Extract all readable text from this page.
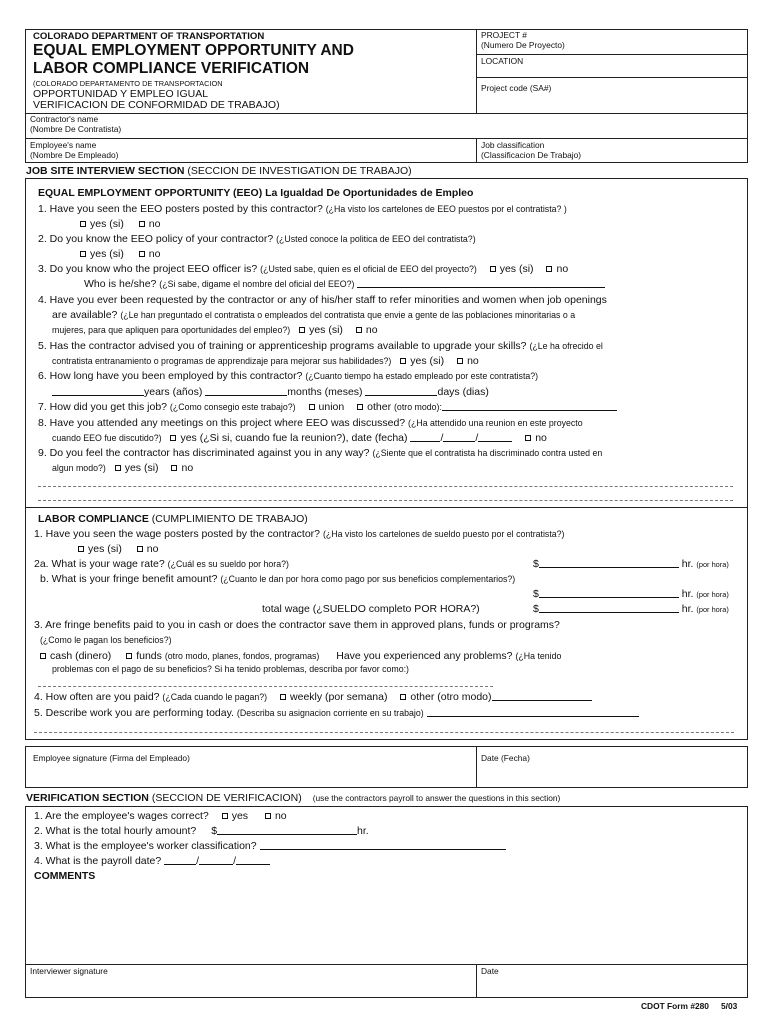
COLORADO DEPARTMENT OF TRANSPORTATION
EQUAL EMPLOYMENT OPPORTUNITY AND
LABOR COMPLIANCE VERIFICATION
(COLORADO DEPARTAMENTO DE TRANSPORTACION
OPPORTUNIDAD Y EMPLEO IGUAL
VERIFICACION DE CONFORMIDAD DE TRABAJO)
PROJECT #
(Numero De Proyecto)
LOCATION
Project code (SA#)
Contractor's name
(Nombre De Contratista)
Employee's name
(Nombre De Empleado)
Job classification
(Classificacion De Trabajo)
JOB SITE INTERVIEW SECTION (SECCION DE INVESTIGATION DE TRABAJO)
EQUAL EMPLOYMENT OPPORTUNITY (EEO) La Igualdad De Oportunidades de Empleo
1. Have you seen the EEO posters posted by this contractor? (¿Ha visto los cartelones de EEO puestos por el contratista? )
yes (si) no
2. Do you know the EEO policy of your contractor? (¿Usted conoce la politica de EEO del contratista?)
yes (si) no
3. Do you know who the project EEO officer is? (¿Usted sabe, quien es el oficial de EEO del proyecto?) yes (si) no
Who is he/she? (¿Si sabe, digame el nombre del oficial del EEO?)
4. Have you ever been requested by the contractor or any of his/her staff to refer minorities and women when job openings
are available? (¿Le han preguntado el contratista o empleados del contratista que envie a gente de las poblaciones minoritarias o a
mujeres, para que apliquen para oportunidades del empleo?) yes (si) no
5. Has the contractor advised you of training or apprenticeship programs available to upgrade your skills? (¿Le ha ofrecido el
contratista entranamiento o programas de apprendizaje para mejorar sus habilidades?) yes (si) no
6. How long have you been employed by this contractor? (¿Cuanto tiempo ha estado empleado por este contratista?)
years (años)	months (meses)	days (dias)
7. How did you get this job? (¿Como consegio este trabajo?) union other (otro modo):
8. Have you attended any meetings on this project where EEO was discussed? (¿Ha attendido una reunion en este proyecto
cuando EEO fue discutido?) yes (¿Si si, cuando fue la reunion?), date (fecha)	/	/	no
9. Do you feel the contractor has discriminated against you in any way? (¿Siente que el contratista ha discriminado contra usted en
algun modo?) yes (si) no
LABOR COMPLIANCE (CUMPLIMIENTO DE TRABAJO)
1. Have you seen the wage posters posted by the contractor? (¿Ha visto los cartelones de sueldo puesto por el contratista?)
yes (si) no
2a. What is your wage rate? (¿Cuál es su sueldo por hora?)	$	hr. (por hora)
b. What is your fringe benefit amount? (¿Cuanto le dan por hora como pago por sus beneficios complementarios?)
$	hr. (por hora)
total wage (¿SUELDO completo POR HORA?)	$	hr. (por hora)
3. Are fringe benefits paid to you in cash or does the contractor save them in approved plans, funds or programs?
(¿Como le pagan los beneficios?)
cash (dinero) funds (otro modo, planes, fondos, programas) Have you experienced any problems? (¿Ha tenido
problemas con el pago de su beneficios? Si ha tenido problemas, describa por favor como:)
4. How often are you paid? (¿Cada cuando le pagan?) weekly (por semana) other (otro modo)
5. Describe work you are performing today. (Describa su asignacion corriente en su trabajo)
Employee signature (Firma del Empleado)	Date (Fecha)
VERIFICATION SECTION (SECCION DE VERIFICACION) (use the contractors payroll to answer the questions in this section)
1. Are the employee's wages correct? yes	no
2. What is the total hourly amount? $	hr.
3. What is the employee's worker classification?
4. What is the payroll date?	/	/
COMMENTS
Interviewer signature	Date
CDOT Form #280 5/03
